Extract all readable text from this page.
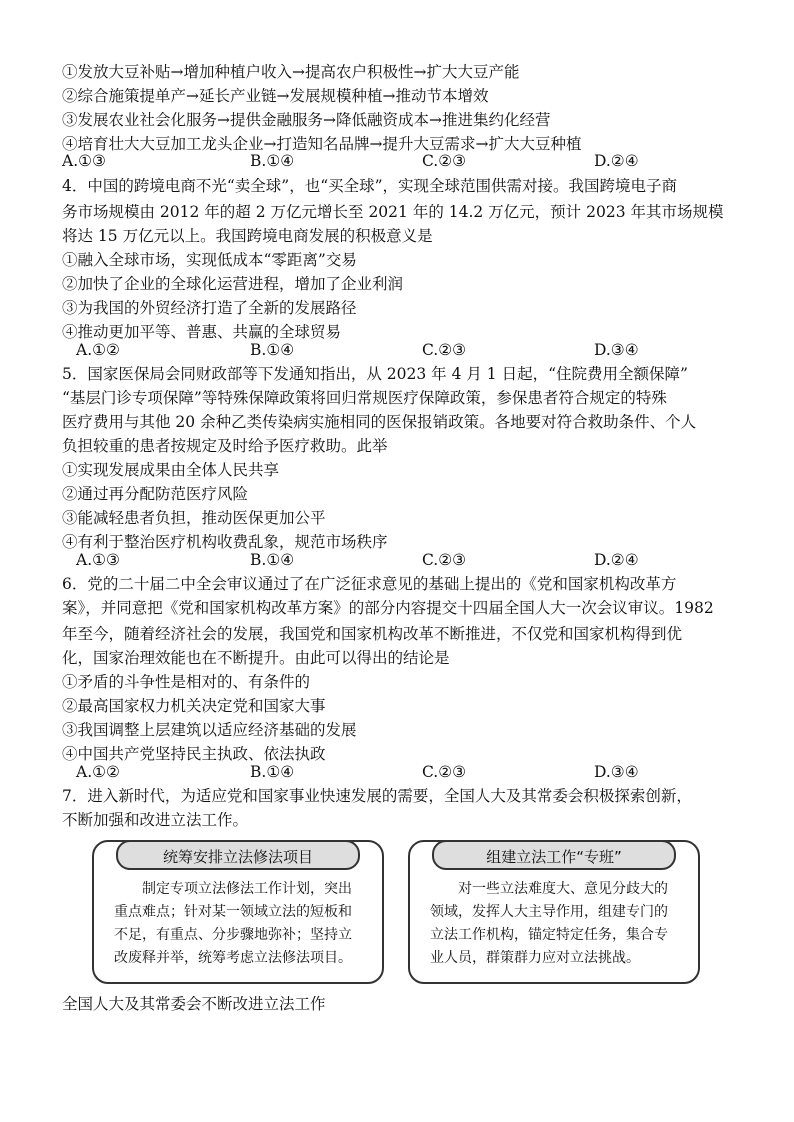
①发放大豆补贴→增加种植户收入→提高农户积极性→扩大大豆产能
②综合施策提单产→延长产业链→发展规模种植→推动节本增效
③发展农业社会化服务→提供金融服务→降低融资成本→推进集约化经营
④培育壮大大豆加工龙头企业→打造知名品牌→提升大豆需求→扩大大豆种植
A.①③	B.①④	C.②③	D.②④
4．中国的跨境电商不光“卖全球”，也“买全球”，实现全球范围供需对接。我国跨境电子商
务市场规模由 2012 年的超 2 万亿元增长至 2021 年的 14.2 万亿元，预计 2023 年其市场规模
将达 15 万亿元以上。我国跨境电商发展的积极意义是
①融入全球市场，实现低成本“零距离”交易
②加快了企业的全球化运营进程，增加了企业利润
③为我国的外贸经济打造了全新的发展路径
④推动更加平等、普惠、共赢的全球贸易
A.①②	B.①④	C.②③	D.③④
5．国家医保局会同财政部等下发通知指出，从 2023 年 4 月 1 日起，“住院费用全额保障”
“基层门诊专项保障”等特殊保障政策将回归常规医疗保障政策，参保患者符合规定的特殊
医疗费用与其他 20 余种乙类传染病实施相同的医保报销政策。各地要对符合救助条件、个人
负担较重的患者按规定及时给予医疗救助。此举
①实现发展成果由全体人民共享
②通过再分配防范医疗风险
③能减轻患者负担，推动医保更加公平
④有利于整治医疗机构收费乱象，规范市场秩序
A.①③	B.①④	C.②③	D.②④
6．党的二十届二中全会审议通过了在广泛征求意见的基础上提出的《党和国家机构改革方
案》，并同意把《党和国家机构改革方案》的部分内容提交十四届全国人大一次会议审议。1982
年至今，随着经济社会的发展，我国党和国家机构改革不断推进，不仅党和国家机构得到优
化，国家治理效能也在不断提升。由此可以得出的结论是
①矛盾的斗争性是相对的、有条件的
②最高国家权力机关决定党和国家大事
③我国调整上层建筑以适应经济基础的发展
④中国共产党坚持民主执政、依法执政
A.①②	B.①④	C.②③	D.③④
7．进入新时代，为适应党和国家事业快速发展的需要，全国人大及其常委会积极探索创新，
不断加强和改进立法工作。
统筹安排立法修法项目
制定专项立法修法工作计划，突出重点难点；针对某一领域立法的短板和不足，有重点、分步骤地弥补；坚持立改废释并举，统筹考虑立法修法项目。
组建立法工作“专班”
对一些立法难度大、意见分歧大的领域，发挥人大主导作用，组建专门的立法工作机构，锚定特定任务，集合专业人员，群策群力应对立法挑战。
全国人大及其常委会不断改进立法工作
